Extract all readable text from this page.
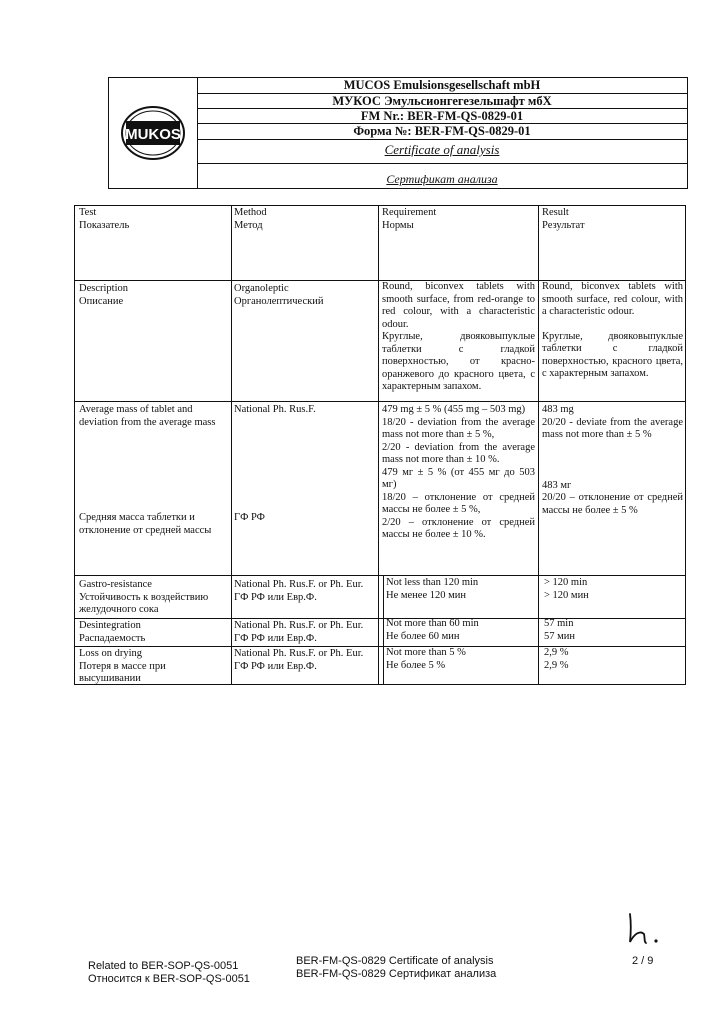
MUKOS
MUCOS Emulsionsgesellschaft mbH
МУКОС Эмульсионгегезельшафт мбХ
FM Nr.: BER-FM-QS-0829-01
Форма №: BER-FM-QS-0829-01
Certificate of analysis
Сертификат анализа
Test
Показатель
Method
Метод
Requirement
Нормы
Result
Результат
Description
Описание
Organoleptic
Органолептический
Round, biconvex tablets with smooth surface, from red-orange to red colour, with a characteristic odour.
Круглые, двояковыпуклые таблетки с гладкой поверхностью, от красно-оранжевого до красного цвета, с характерным запахом.
Round, biconvex tablets with smooth surface, red colour, with a characteristic odour.
Круглые, двояковыпуклые таблетки с гладкой поверхностью, красного цвета, с характерным запахом.
Average mass of tablet and deviation from the average mass
Средняя масса таблетки и отклонение от средней массы
National Ph. Rus.F.
ГФ РФ
479 mg ± 5 % (455 mg – 503 mg)
18/20 - deviation from the average mass not more than ± 5 %,
2/20 - deviation from the average mass not more than ± 10 %.
479 мг ± 5 % (от 455 мг до 503 мг)
18/20 – отклонение от средней массы не более ± 5 %,
2/20 – отклонение от средней массы не более ± 10 %.
483 mg
20/20 - deviate from the average mass not more than ± 5 %
483 мг
20/20 – отклонение от средней массы не более ± 5 %
Gastro-resistance
Устойчивость к воздействию желудочного сока
National Ph. Rus.F. or Ph. Eur.
ГФ РФ или Евр.Ф.
Not less than 120 min
Не менее 120 мин
> 120 min
> 120 мин
Desintegration
Распадаемость
National Ph. Rus.F. or Ph. Eur.
ГФ РФ или Евр.Ф.
Not more than 60 min
Не более 60 мин
57 min
57 мин
Loss on drying
Потеря в массе при высушивании
National Ph. Rus.F. or Ph. Eur.
ГФ РФ или Евр.Ф.
Not more than 5 %
Не более 5 %
2,9 %
2,9 %
Related to BER-SOP-QS-0051
Относится к BER-SOP-QS-0051
BER-FM-QS-0829 Certificate of analysis
BER-FM-QS-0829 Сертификат анализа
2 / 9
